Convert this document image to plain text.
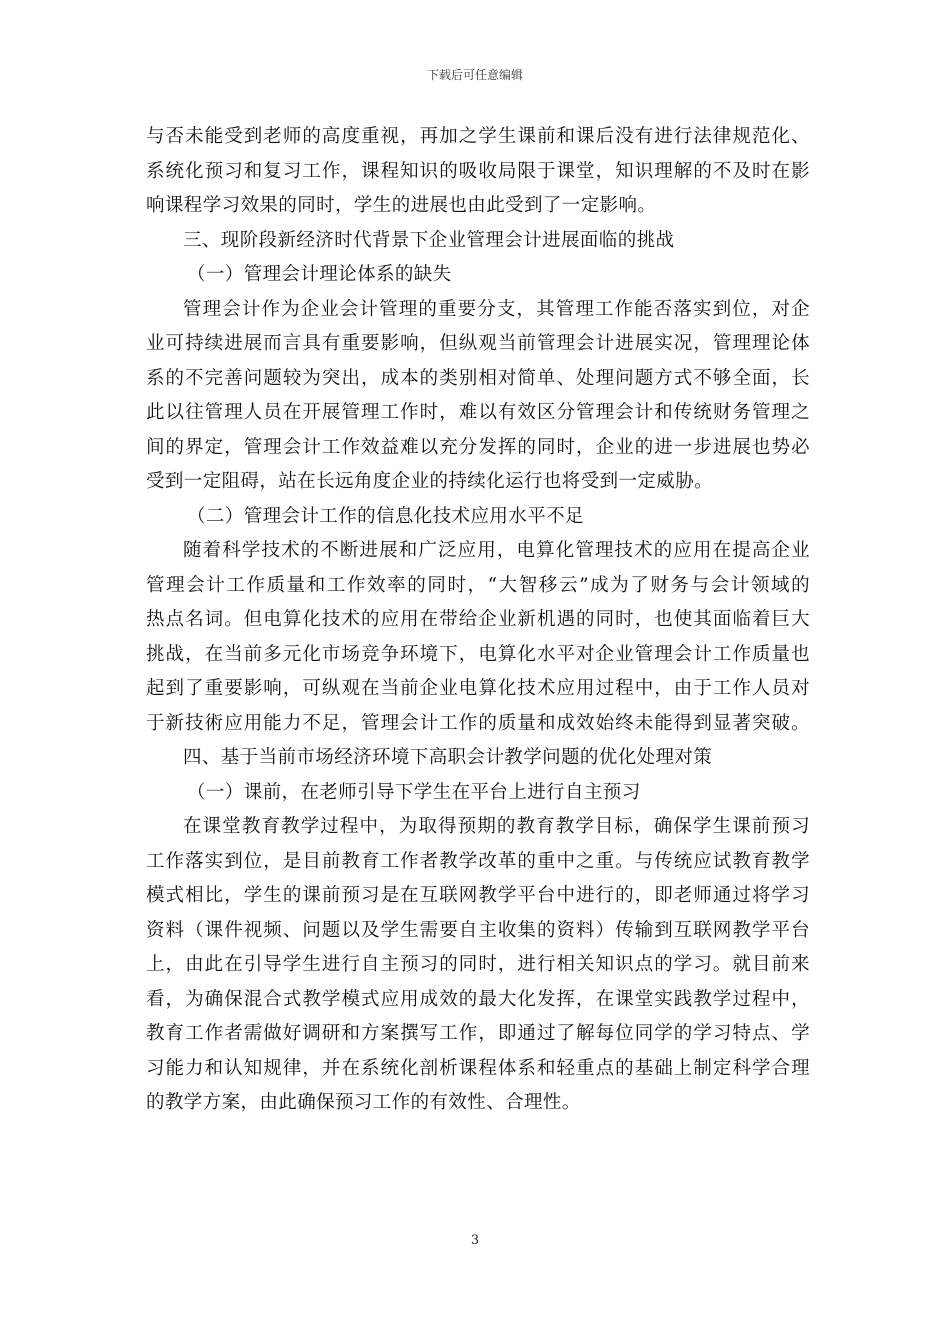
下载后可任意编辑
与否未能受到老师的高度重视，再加之学生课前和课后没有进行法律规范化、
系统化预习和复习工作，课程知识的吸收局限于课堂，知识理解的不及时在影
响课程学习效果的同时，学生的进展也由此受到了一定影响。
三、现阶段新经济时代背景下企业管理会计进展面临的挑战
（一）管理会计理论体系的缺失
管理会计作为企业会计管理的重要分支，其管理工作能否落实到位，对企
业可持续进展而言具有重要影响，但纵观当前管理会计进展实况，管理理论体
系的不完善问题较为突出，成本的类别相对简单、处理问题方式不够全面，长
此以往管理人员在开展管理工作时，难以有效区分管理会计和传统财务管理之
间的界定，管理会计工作效益难以充分发挥的同时，企业的进一步进展也势必
受到一定阻碍，站在长远角度企业的持续化运行也将受到一定威胁。
（二）管理会计工作的信息化技术应用水平不足
随着科学技术的不断进展和广泛应用，电算化管理技术的应用在提高企业
管理会计工作质量和工作效率的同时，“大智移云”成为了财务与会计领域的
热点名词。但电算化技术的应用在带给企业新机遇的同时，也使其面临着巨大
挑战，在当前多元化市场竞争环境下，电算化水平对企业管理会计工作质量也
起到了重要影响，可纵观在当前企业电算化技术应用过程中，由于工作人员对
于新技術应用能力不足，管理会计工作的质量和成效始终未能得到显著突破。
四、基于当前市场经济环境下高职会计教学问题的优化处理对策
（一）课前，在老师引导下学生在平台上进行自主预习
在课堂教育教学过程中，为取得预期的教育教学目标，确保学生课前预习
工作落实到位，是目前教育工作者教学改革的重中之重。与传统应试教育教学
模式相比，学生的课前预习是在互联网教学平台中进行的，即老师通过将学习
资料（课件视频、问题以及学生需要自主收集的资料）传输到互联网教学平台
上，由此在引导学生进行自主预习的同时，进行相关知识点的学习。就目前来
看，为确保混合式教学模式应用成效的最大化发挥，在课堂实践教学过程中，
教育工作者需做好调研和方案撰写工作，即通过了解每位同学的学习特点、学
习能力和认知规律，并在系统化剖析课程体系和轻重点的基础上制定科学合理
的教学方案，由此确保预习工作的有效性、合理性。
3
